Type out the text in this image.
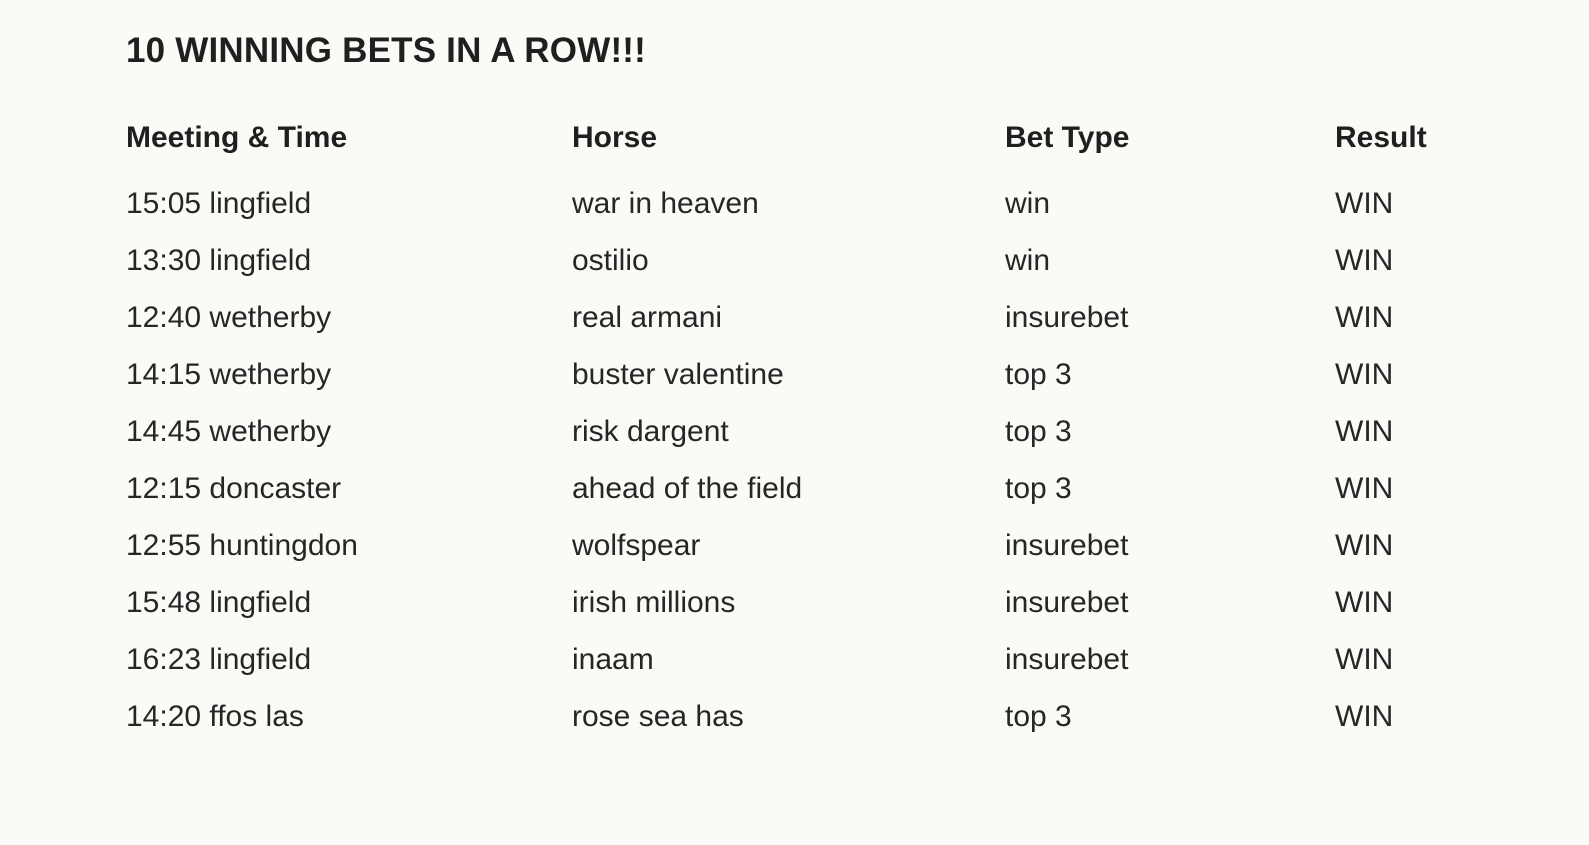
10 WINNING BETS IN A ROW!!!
Meeting & Time	Horse	Bet Type	Result
15:05 lingfield	war in heaven	win	WIN
13:30 lingfield	ostilio	win	WIN
12:40 wetherby	real armani	insurebet	WIN
14:15 wetherby	buster valentine	top 3	WIN
14:45 wetherby	risk dargent	top 3	WIN
12:15 doncaster	ahead of the field	top 3	WIN
12:55 huntingdon	wolfspear	insurebet	WIN
15:48 lingfield	irish millions	insurebet	WIN
16:23 lingfield	inaam	insurebet	WIN
14:20 ffos las	rose sea has	top 3	WIN
